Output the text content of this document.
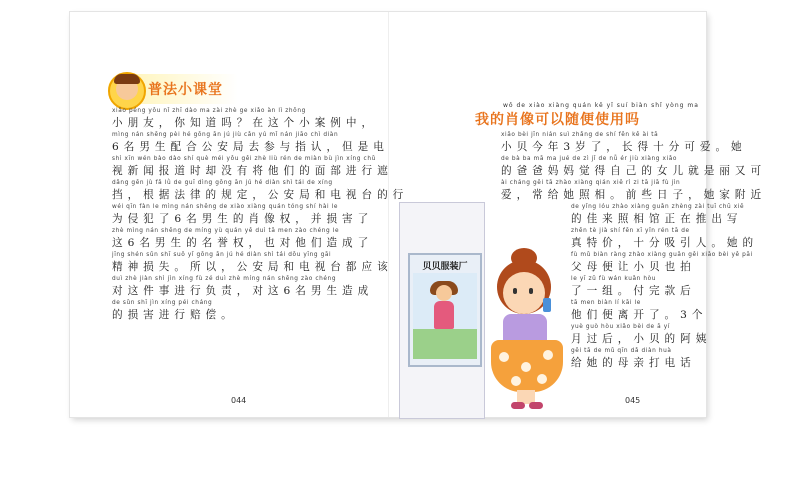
普法小课堂
xiǎo péng yǒu nǐ zhī dào ma zài zhè ge xiǎo àn lì zhōng
小朋友，你知道吗？在这个小案例中，
mìng nán shēng pèi hé gōng ān jú jiù cǎn yú mǐ nán jiāo chì diàn
6名男生配合公安局去参与指认，但是电
shì xīn wén bào dào shí què méi yǒu gěi zhè liù rén de miàn bù jìn xíng chǔ
视新闻报道时却没有将他们的面部进行遮
dǎng gēn jù fǎ lǜ de guī dìng gōng ān jú hé diàn shì tái de xíng
挡，根据法律的规定，公安局和电视台的行
wéi qīn fàn le mìng nán shēng de xiào xiàng quán tóng shí hài le
为侵犯了6名男生的肖像权，并损害了
zhè mìng nán shēng de míng yù quán yě duì tā men zào chéng le
这6名男生的名誉权，也对他们造成了
jīng shén sǔn shī suǒ yǐ gōng ān jú hé diàn shì tái dōu yīng gāi
精神损失。所以，公安局和电视台都应该
duì zhè jiàn shì jìn xíng fù zé duì zhè míng nán shēng zào chéng
对这件事进行负责，对这6名男生造成
de sǔn shī jìn xíng péi cháng
的损害进行赔偿。
044
wǒ de xiào xiàng quán kě yǐ suí biàn shǐ yòng ma
我的肖像可以随便使用吗
xiǎo bèi jīn nián suì zhǎng de shí fēn kě ài tā
小贝今年3岁了，长得十分可爱。她
de bà ba mā ma jué de zì jǐ de nǚ ér jiù xiàng xiǎo
的爸爸妈妈觉得自己的女儿就是丽又可
ài cháng gěi tā zhào xiàng qián xiē rì zi tā jiā fù jìn
爱，常给她照相。前些日子，她家附近
de yǐng lóu zhào xiàng guǎn zhèng zài tuī chū xiě
的佳来照相馆正在推出写
zhēn tè jià shí fēn xī yǐn rén tā de
真特价，十分吸引人。她的
fù mǔ biàn ràng zhào xiàng guǎn gěi xiǎo bèi yě pāi
父母便让小贝也拍
le yī zǔ fù wán kuǎn hòu
了一组。付完款后
tā men biàn lí kāi le
他们便离开了。3个
yuè guò hòu xiǎo bèi de ā yí
月过后，小贝的阿姨
gěi tā de mǔ qīn dǎ diàn huà
给她的母亲打电话
贝贝服装厂
045
